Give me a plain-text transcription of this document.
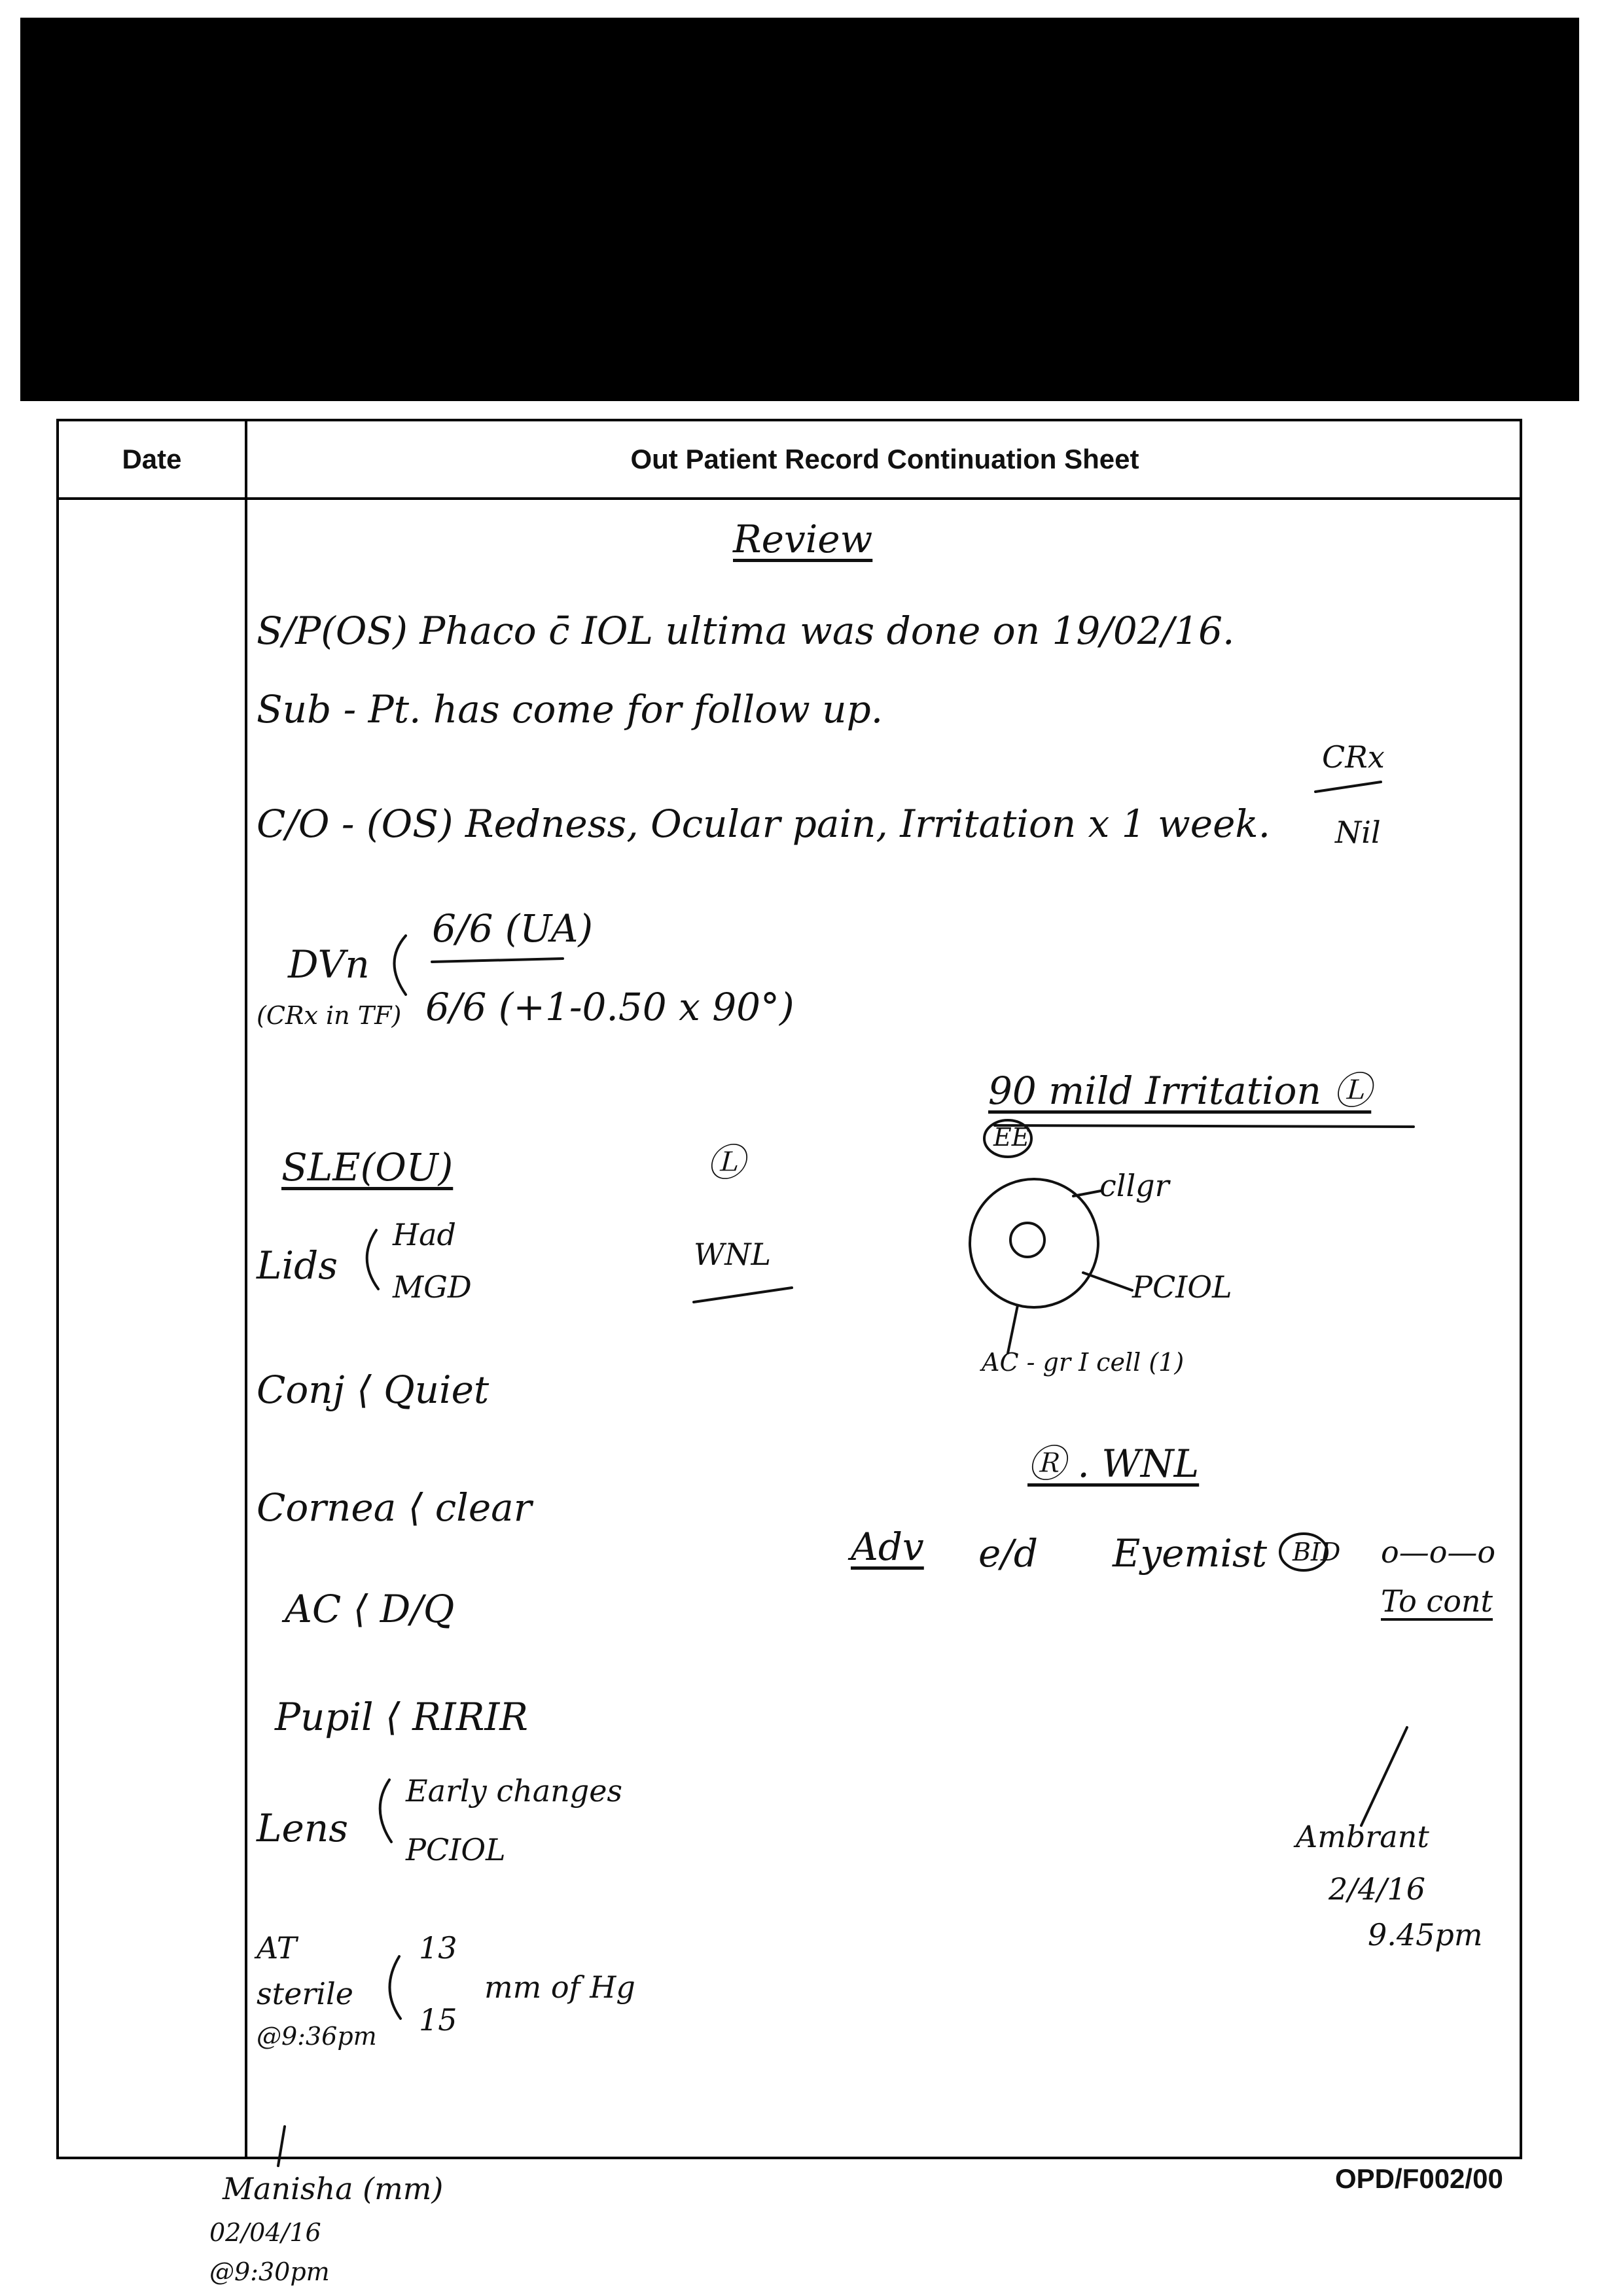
Date	Out Patient Record Continuation Sheet
Review
S/P(OS) Phaco c̄ IOL ultima was done on 19/02/16.
Sub - Pt. has come for follow up.
CRx
Nil
C/O - (OS) Redness, Ocular pain, Irritation x 1 week.
DVn
(CRx in TF)
6/6 (UA)
6/6 (+1-0.50 x 90°)
90 mild Irritation Ⓛ
SLE(OU)	Ⓛ
EE
Lids
Had
MGD
WNL
cllgr
PCIOL
AC - gr I cell (1)
Conj ⟨ Quiet
Ⓡ . WNL
Cornea ⟨ clear
Adv e/d Eyemist BID o—o—o
To cont
AC ⟨ D/Q
Pupil ⟨ RIRIR
Lens
Early changes
PCIOL	Ambrant
2/4/16
9.45pm
AT
sterile
13
15
mm of Hg
@9:36pm
OPD/F002/00
Manisha (mm)
02/04/16
@9:30pm
